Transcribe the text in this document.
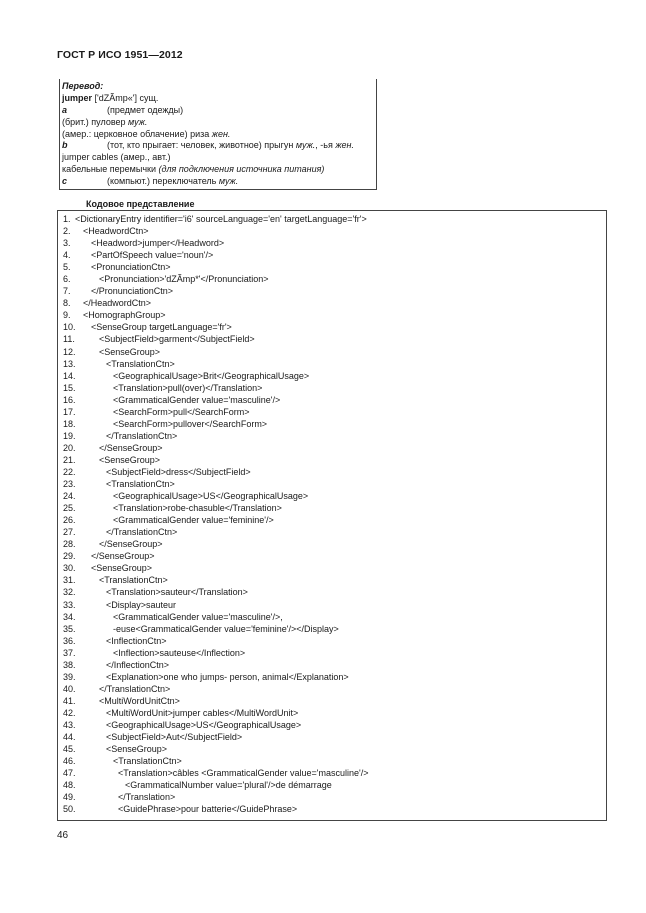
ГОСТ Р ИСО 1951—2012
Перевод:
jumper ['dZÃmp«'] сущ.
a	(предмет одежды)
(брит.) пуловер муж.
(амер.: церковное облачение) риза жен.
b	(тот, кто прыгает: человек, животное) прыгун муж., -ья жен.
jumper cables (амер., авт.)
кабельные перемычки (для подключения источника питания)
c	(компьют.) переключатель муж.
Кодовое представление
1. <DictionaryEntry identifier='i6' sourceLanguage='en' targetLanguage='fr'>
2. <HeadwordCtn>
3. <Headword>jumper</Headword>
4. <PartOfSpeech value='noun'/>
5. <PronunciationCtn>
6.	<Pronunciation>'dZÃmp*'</Pronunciation>
7. </PronunciationCtn>
8. </HeadwordCtn>
9. <HomographGroup>
10. <SenseGroup targetLanguage='fr'>
11.	<SubjectField>garment</SubjectField>
12.	<SenseGroup>
13.	<TranslationCtn>
14.	<GeographicalUsage>Brit</GeographicalUsage>
15.	<Translation>pull(over)</Translation>
16.	<GrammaticalGender value='masculine'/>
17.	<SearchForm>pull</SearchForm>
18.	<SearchForm>pullover</SearchForm>
19.	</TranslationCtn>
20.	</SenseGroup>
21.	<SenseGroup>
22.	<SubjectField>dress</SubjectField>
23.	<TranslationCtn>
24.	<GeographicalUsage>US</GeographicalUsage>
25.	<Translation>robe-chasuble</Translation>
26.	<GrammaticalGender value='feminine'/>
27.	</TranslationCtn>
28.	</SenseGroup>
29. </SenseGroup>
30. <SenseGroup>
31.	<TranslationCtn>
32.	<Translation>sauteur</Translation>
33.	<Display>sauteur
34.	<GrammaticalGender value='masculine'/>,
35.	-euse<GrammaticalGender value='feminine'/></Display>
36.	<InflectionCtn>
37.	<Inflection>sauteuse</Inflection>
38.	</InflectionCtn>
39.	<Explanation>one who jumps- person, animal</Explanation>
40.	</TranslationCtn>
41.	<MultiWordUnitCtn>
42.	<MultiWordUnit>jumper cables</MultiWordUnit>
43.	<GeographicalUsage>US</GeographicalUsage>
44.	<SubjectField>Aut</SubjectField>
45.	<SenseGroup>
46.	<TranslationCtn>
47.	<Translation>câbles <GrammaticalGender value='masculine'/>
48.	<GrammaticalNumber value='plural'/>de démarrage
49.	</Translation>
50.	<GuidePhrase>pour batterie</GuidePhrase>
46
